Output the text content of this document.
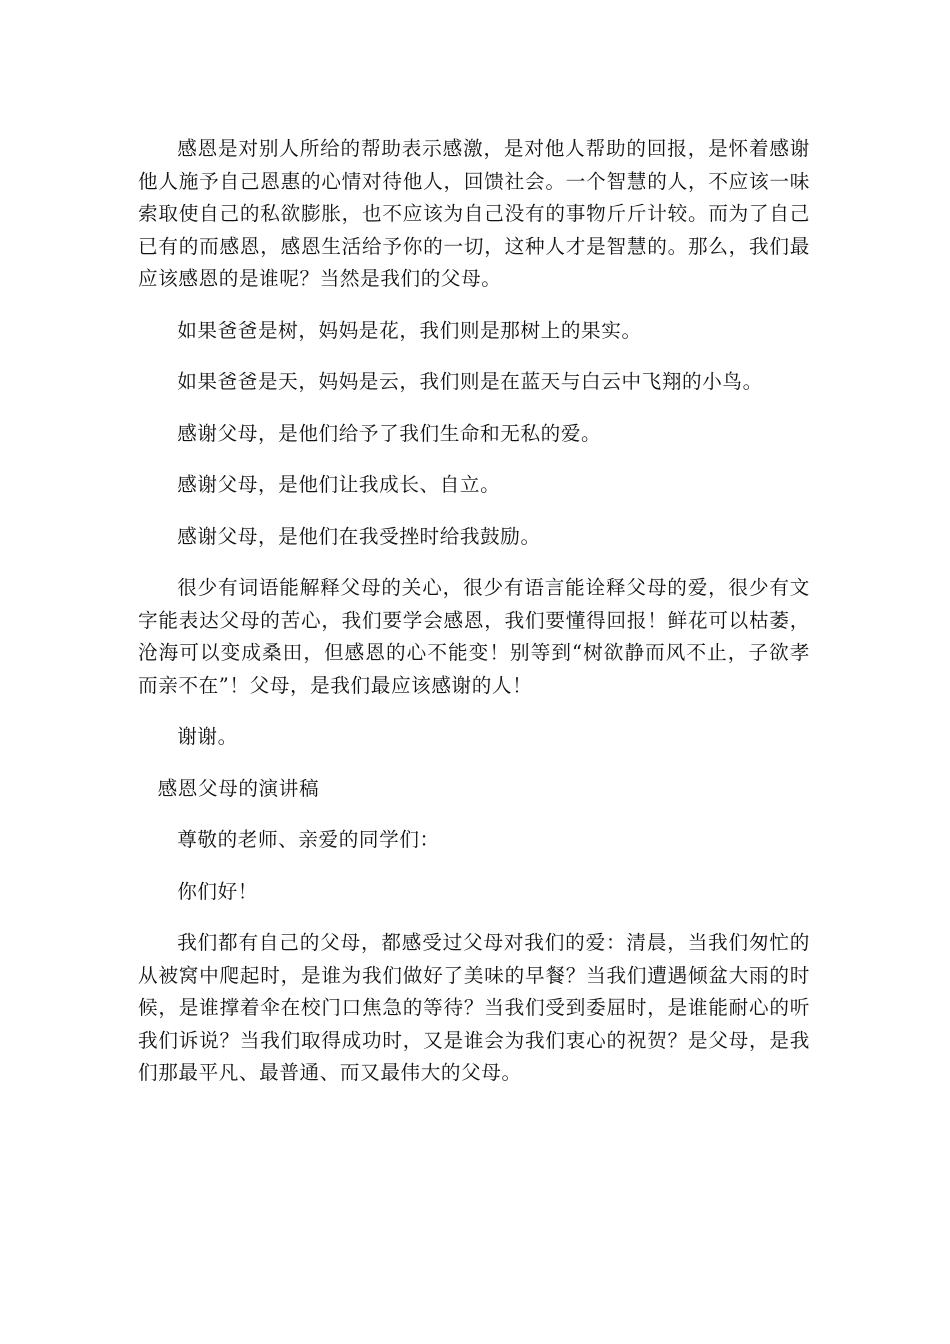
感恩是对别人所给的帮助表示感激，是对他人帮助的回报，是怀着感谢他人施予自己恩惠的心情对待他人，回馈社会。一个智慧的人，不应该一味索取使自己的私欲膨胀，也不应该为自己没有的事物斤斤计较。而为了自己已有的而感恩，感恩生活给予你的一切，这种人才是智慧的。那么，我们最应该感恩的是谁呢？当然是我们的父母。

如果爸爸是树，妈妈是花，我们则是那树上的果实。

如果爸爸是天，妈妈是云，我们则是在蓝天与白云中飞翔的小鸟。

感谢父母，是他们给予了我们生命和无私的爱。

感谢父母，是他们让我成长、自立。

感谢父母，是他们在我受挫时给我鼓励。

很少有词语能解释父母的关心，很少有语言能诠释父母的爱，很少有文字能表达父母的苦心，我们要学会感恩，我们要懂得回报！鲜花可以枯萎，沧海可以变成桑田，但感恩的心不能变！别等到“树欲静而风不止，子欲孝而亲不在”！父母，是我们最应该感谢的人！

谢谢。

感恩父母的演讲稿

尊敬的老师、亲爱的同学们：

你们好！

我们都有自己的父母，都感受过父母对我们的爱：清晨，当我们匆忙的从被窝中爬起时，是谁为我们做好了美味的早餐？当我们遭遇倾盆大雨的时候，是谁撑着伞在校门口焦急的等待？当我们受到委屈时，是谁能耐心的听我们诉说？当我们取得成功时，又是谁会为我们衷心的祝贺？是父母，是我们那最平凡、最普通、而又最伟大的父母。
